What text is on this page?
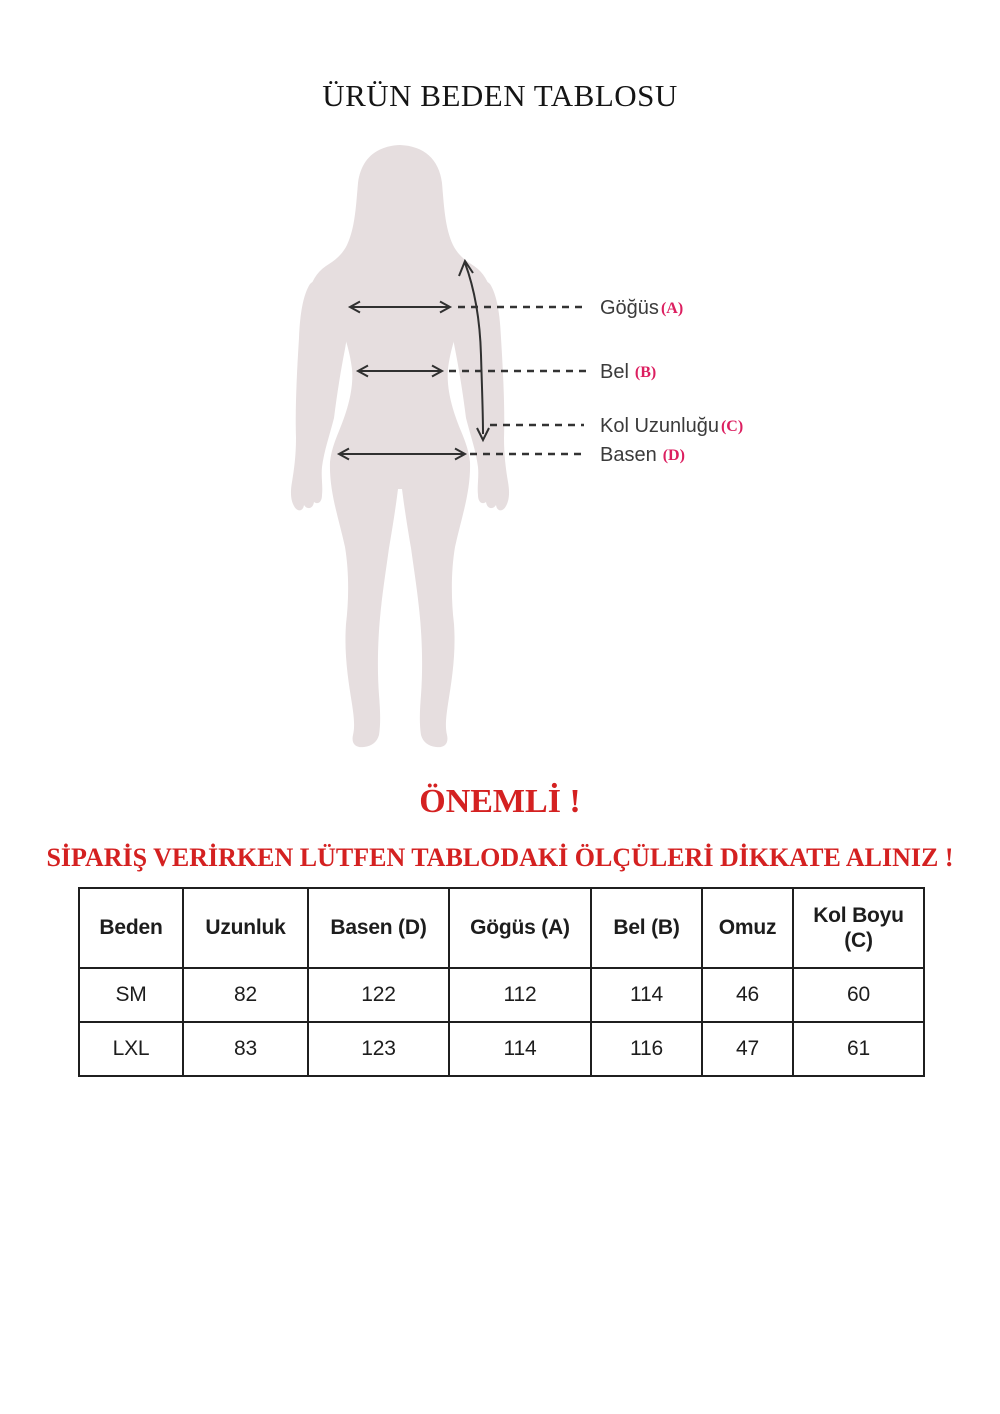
ÜRÜN BEDEN TABLOSU
Göğüs (A)
Bel (B)
Kol Uzunluğu (C)
Basen (D)
ÖNEMLİ !
SİPARİŞ VERİRKEN LÜTFEN TABLODAKİ ÖLÇÜLERİ DİKKATE ALINIZ !
Beden	Uzunluk	Basen (D)	Gögüs (A)	Bel (B)	Omuz	Kol Boyu (C)
SM	82	122	112	114	46	60
LXL	83	123	114	116	47	61
